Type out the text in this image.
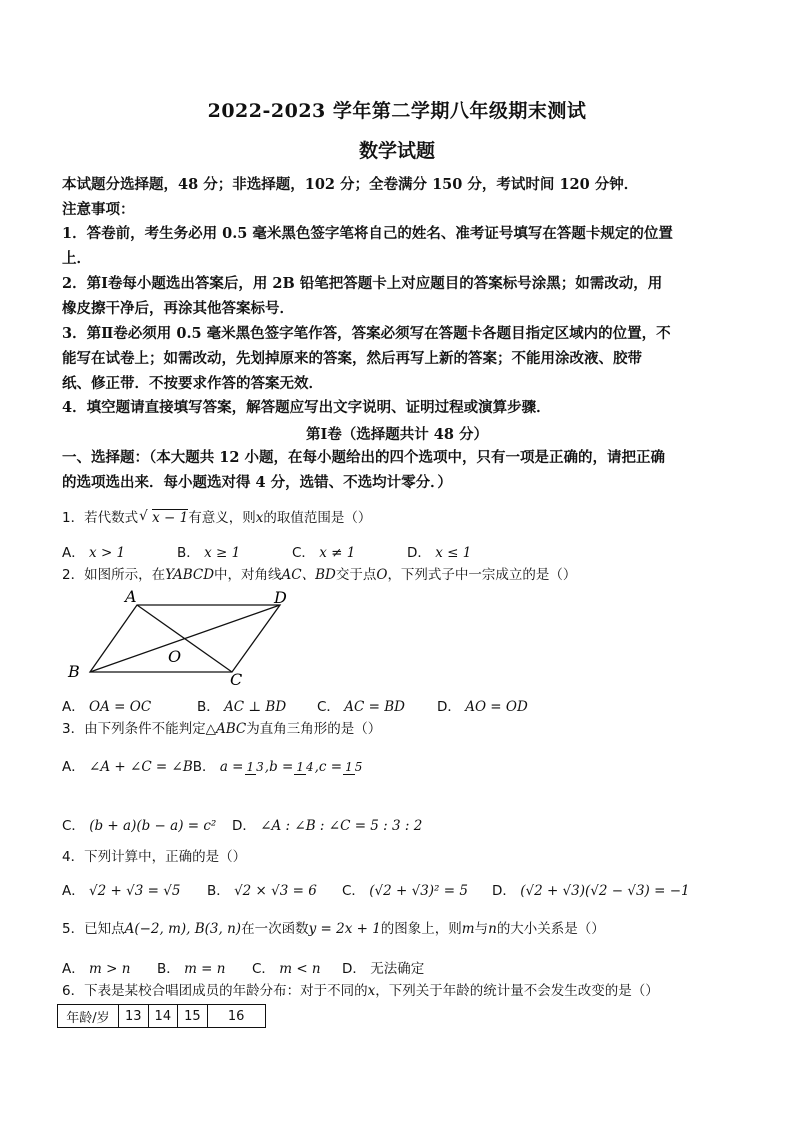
2022-2023 学年第二学期八年级期末测试
数学试题
本试题分选择题，48 分；非选择题，102 分；全卷满分 150 分，考试时间 120 分钟．
注意事项：
1．答卷前，考生务必用 0.5 毫米黑色签字笔将自己的姓名、准考证号填写在答题卡规定的位置
上．
2．第Ⅰ卷每小题选出答案后，用 2B 铅笔把答题卡上对应题目的答案标号涂黑；如需改动，用
橡皮擦干净后，再涂其他答案标号．
3．第Ⅱ卷必须用 0.5 毫米黑色签字笔作答，答案必须写在答题卡各题目指定区域内的位置，不
能写在试卷上；如需改动，先划掉原来的答案，然后再写上新的答案；不能用涂改液、胶带
纸、修正带．不按要求作答的答案无效．
4．填空题请直接填写答案，解答题应写出文字说明、证明过程或演算步骤．
第Ⅰ卷（选择题共计 48 分）
一、选择题：（本大题共 12 小题，在每小题给出的四个选项中，只有一项是正确的，请把正确
的选项选出来．每小题选对得 4 分，选错、不选均计零分．）
1．若代数式 √ x − 1有意义，则x的取值范围是（）
A． x > 1	B． x ≥ 1	C． x ≠ 1	D． x ≤ 1
2．如图所示，在YABCD中，对角线AC、BD交于点O，下列式子中一宗成立的是（）
A	D
B	C
O
A． OA = OC	B． AC ⊥ BD C． AC = BD D． AO = OD
3．由下列条件不能判定△ABC为直角三角形的是（）
A． ∠A + ∠C = ∠BB． a = 1 3,b = 1 4,c = 1 5
C． (b + a)(b − a) = c² D． ∠A : ∠B : ∠C = 5 : 3 : 2
4．下列计算中，正确的是（）
A． √2 + √3 = √5 B． √2 × √3 = 6 C． (√2 + √3)² = 5 D． (√2 + √3)(√2 − √3) = −1
5．已知点A(−2, m), B(3, n)在一次函数y = 2x + 1的图象上，则m与n的大小关系是（）
A． m > n B． m = n C． m < n D． 无法确定
6．下表是某校合唱团成员的年龄分布：对于不同的x，下列关于年龄的统计量不会发生改变的是（）
年龄/岁	13	14	15	16
